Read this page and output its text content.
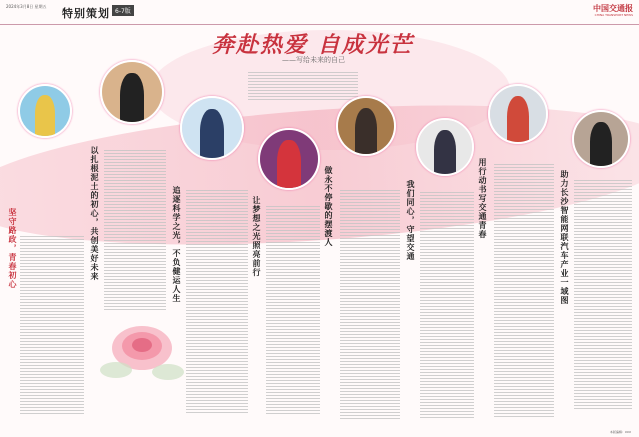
2024年3月8日 星期五
特别策划 6-7版	中国交通报
CHINA TRANSPORT NEWS
奔赴热爱 自成光芒
——写给未来的自己
坚守路政，青春初心	以扎根泥土的初心，共创美好未来	追逐科学之光，不负健运人生	让梦想之光照亮前行	做永不停歇的摆渡人	我们同心，守望交通	用行动书写交通青春	助力长沙智能网联汽车产业一域图
本版编辑：XXX
